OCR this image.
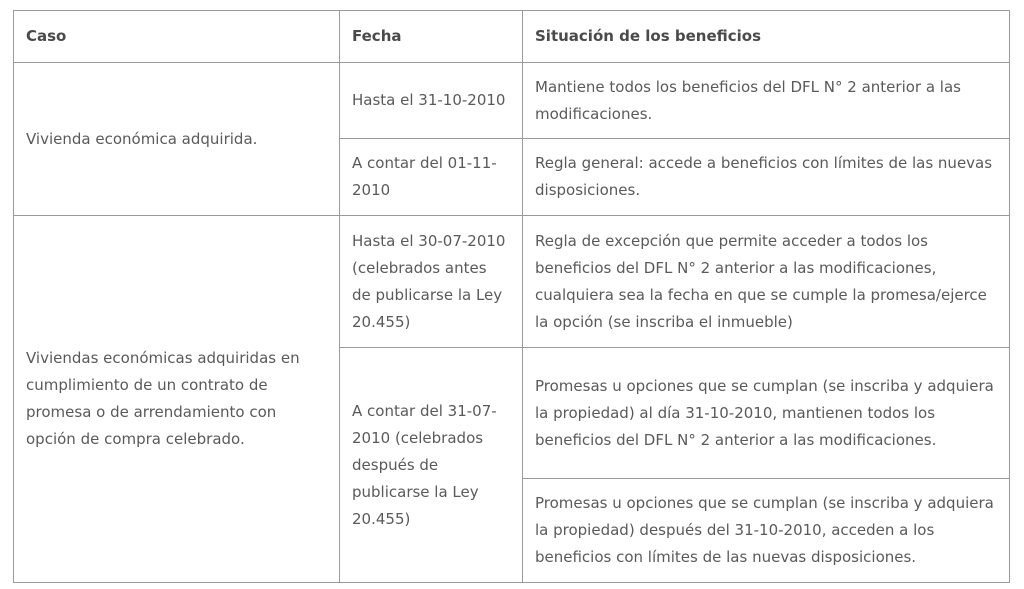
Caso	Fecha	Situación de los beneficios
Vivienda económica adquirida.	Hasta el 31-10-2010	Mantiene todos los beneficios del DFL N° 2 anterior a las modificaciones.
	A contar del 01-11-2010	Regla general: accede a beneficios con límites de las nuevas disposiciones.
Viviendas económicas adquiridas en cumplimiento de un contrato de promesa o de arrendamiento con opción de compra celebrado.	Hasta el 30-07-2010 (celebrados antes de publicarse la Ley 20.455)	Regla de excepción que permite acceder a todos los beneficios del DFL N° 2 anterior a las modificaciones, cualquiera sea la fecha en que se cumple la promesa/ejerce la opción (se inscriba el inmueble)
	A contar del 31-07-2010 (celebrados después de publicarse la Ley 20.455)	Promesas u opciones que se cumplan (se inscriba y adquiera la propiedad) al día 31-10-2010, mantienen todos los beneficios del DFL N° 2 anterior a las modificaciones.
		Promesas u opciones que se cumplan (se inscriba y adquiera la propiedad) después del 31-10-2010, acceden a los beneficios con límites de las nuevas disposiciones.
